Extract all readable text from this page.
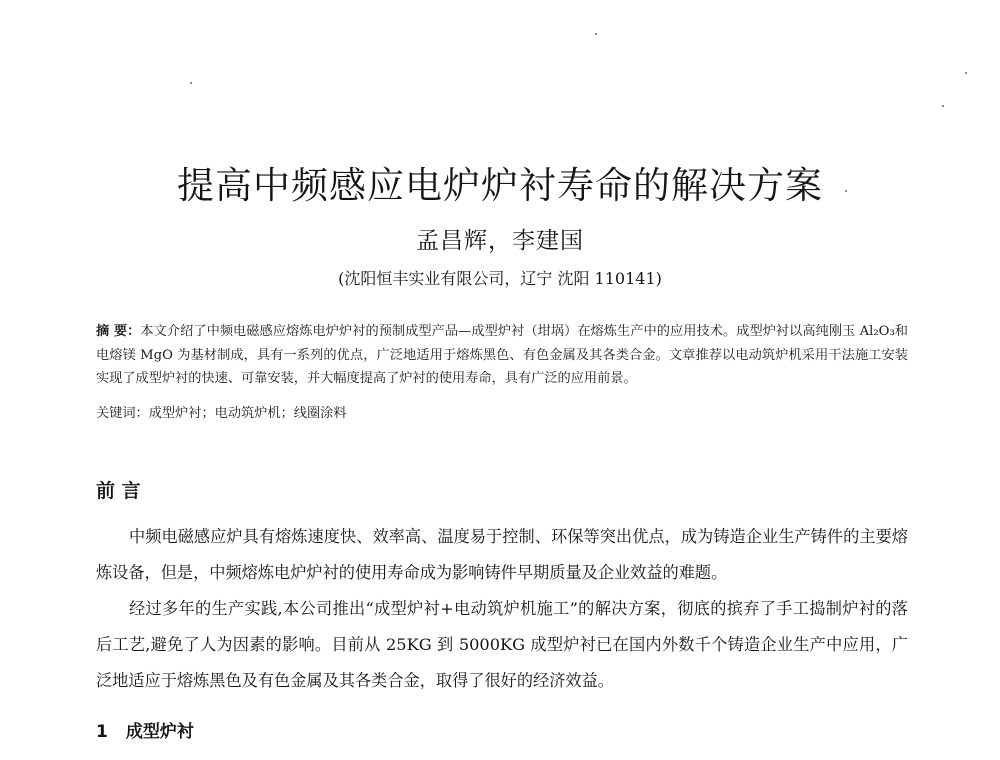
提高中频感应电炉炉衬寿命的解决方案
孟昌辉，李建国
(沈阳恒丰实业有限公司，辽宁 沈阳 110141)
摘 要：本文介绍了中频电磁感应熔炼电炉炉衬的预制成型产品—成型炉衬（坩埚）在熔炼生产中的应用技术。成型炉衬以高纯刚玉 Al₂O₃和电熔镁 MgO 为基材制成，具有一系列的优点，广泛地适用于熔炼黑色、有色金属及其各类合金。文章推荐以电动筑炉机采用干法施工安装实现了成型炉衬的快速、可靠安装，并大幅度提高了炉衬的使用寿命，具有广泛的应用前景。
关键词：成型炉衬；电动筑炉机；线圈涂料
前 言

中频电磁感应炉具有熔炼速度快、效率高、温度易于控制、环保等突出优点，成为铸造企业生产铸件的主要熔炼设备，但是，中频熔炼电炉炉衬的使用寿命成为影响铸件早期质量及企业效益的难题。

经过多年的生产实践,本公司推出“成型炉衬+电动筑炉机施工”的解决方案，彻底的摈弃了手工捣制炉衬的落后工艺,避免了人为因素的影响。目前从 25KG 到 5000KG 成型炉衬已在国内外数千个铸造企业生产中应用，广泛地适应于熔炼黑色及有色金属及其各类合金，取得了很好的经济效益。

1 成型炉衬
